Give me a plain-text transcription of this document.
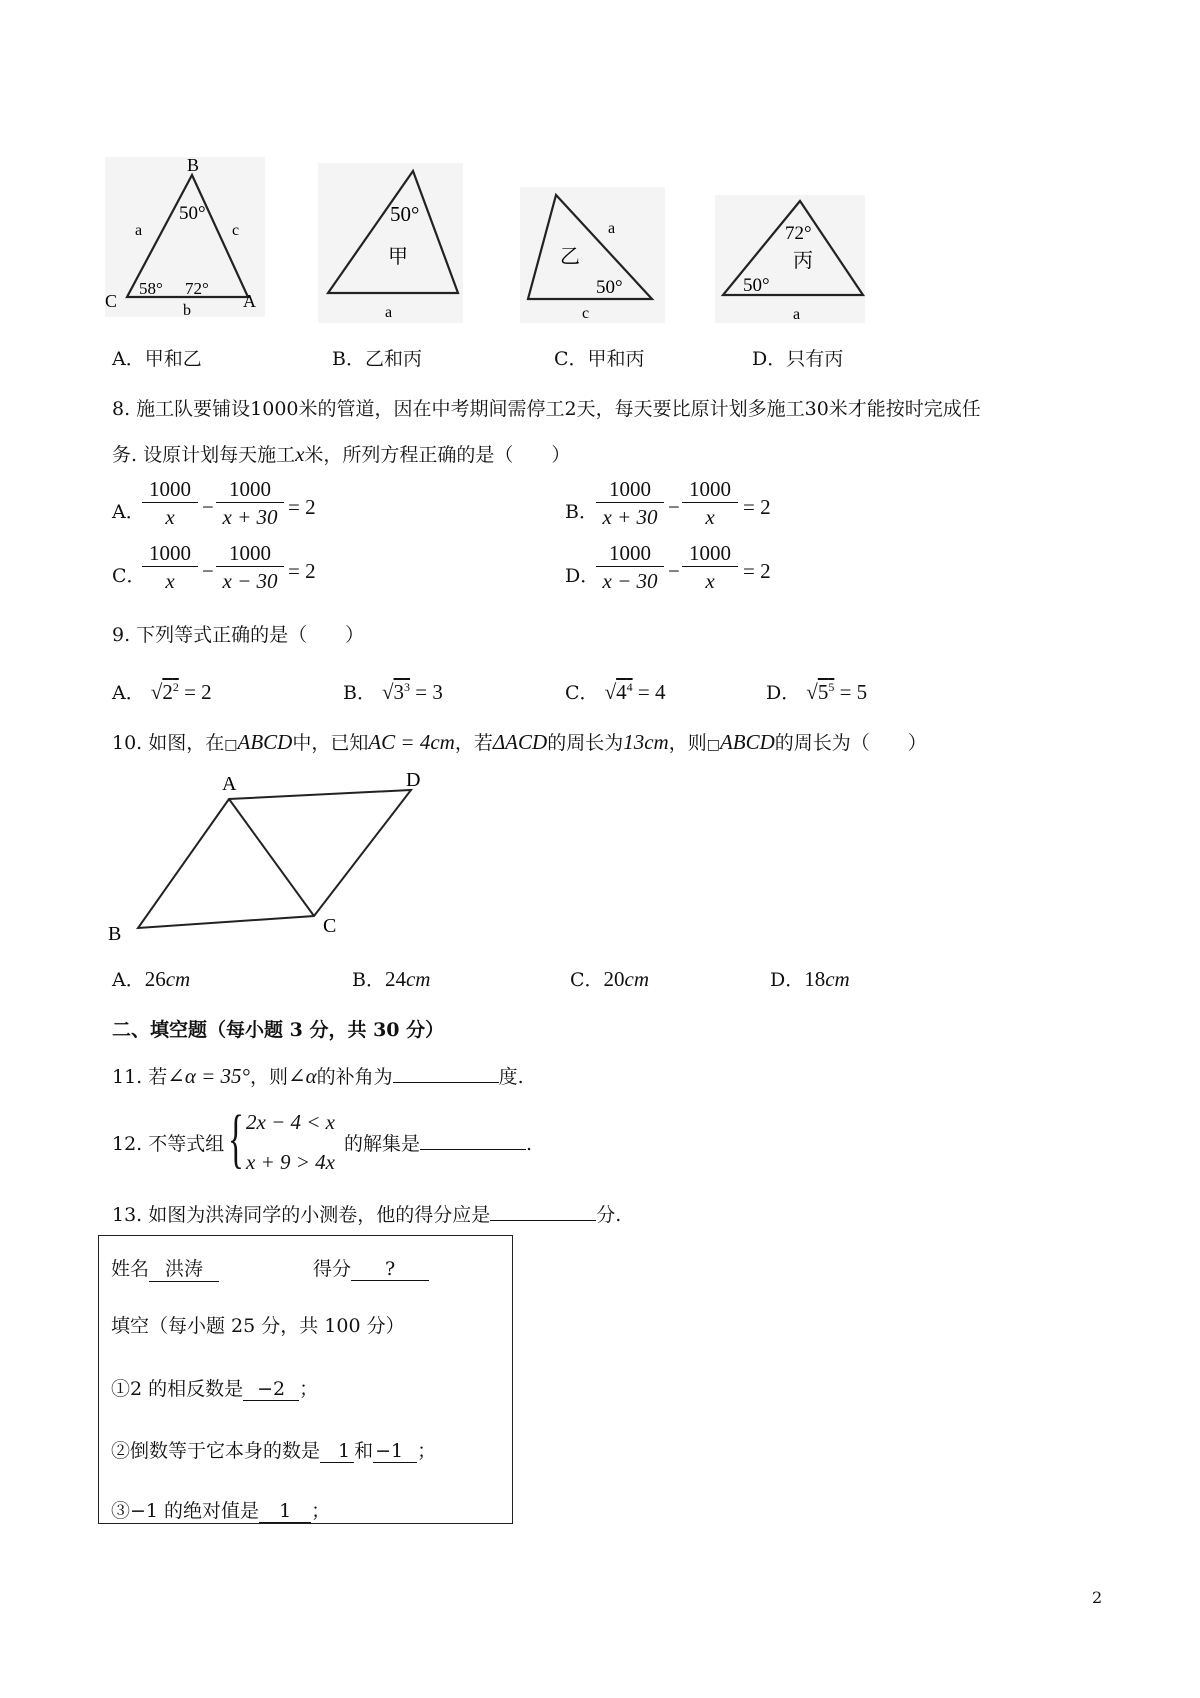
B
a	c
50°
58° 72°
C	A
b
50°
甲
a
a
乙
50°
c
72°
50°
丙
a
A．甲和乙	B．乙和丙	C．甲和丙	D．只有丙
8. 施工队要铺设1000米的管道，因在中考期间需停工2天，每天要比原计划多施工30米才能按时完成任
务. 设原计划每天施工x米，所列方程正确的是（　　）
A．
$\frac{1000}{x} - \frac{1000}{x + 30} = 2$	B．
$\frac{1000}{x + 30} - \frac{1000}{x} = 2$
C．
$\frac{1000}{x} - \frac{1000}{x - 30} = 2$	D．
$\frac{1000}{x - 30} - \frac{1000}{x} = 2$
9. 下列等式正确的是（　　）
A． $√2^2 = 2$	B． $√3^3 = 3$	C． $√4^4 = 4$	D． $√5^5 = 5$
10. 如图，在□ABCD中，已知AC = 4cm，若ΔACD的周长为13cm，则□ABCD的周长为（　　）
A	D
B	C
A．26cm	B．24cm	C．20cm	D．18cm
二、填空题（每小题 3 分，共 30 分）
11. 若∠α = 35°，则∠α的补角为	度.
12. 不等式组 { 2x − 4 < x
x + 9 > 4x
的解集是	.
13. 如图为洪涛同学的小测卷，他的得分应是	分.
姓名 洪涛	得分 ?
填空（每小题 25 分，共 100 分）
①2 的相反数是 −2 ；
②倒数等于它本身的数是 1 和 −1 ；
③−1 的绝对值是 1 ；
2
